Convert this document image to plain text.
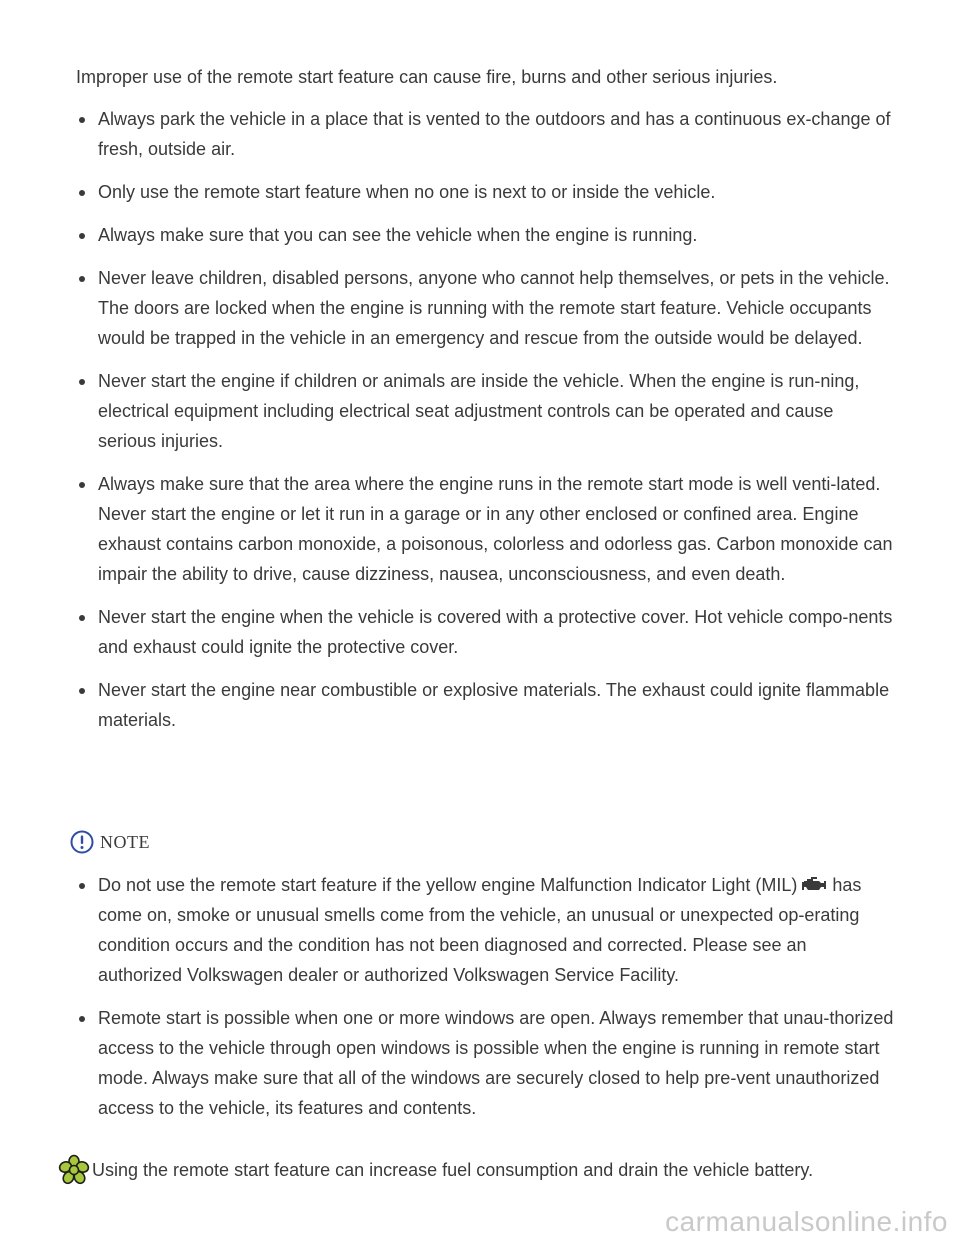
Improper use of the remote start feature can cause fire, burns and other serious injuries.

Always park the vehicle in a place that is vented to the outdoors and has a continuous ex-change of fresh, outside air.
Only use the remote start feature when no one is next to or inside the vehicle.
Always make sure that you can see the vehicle when the engine is running.
Never leave children, disabled persons, anyone who cannot help themselves, or pets in the vehicle. The doors are locked when the engine is running with the remote start feature. Vehicle occupants would be trapped in the vehicle in an emergency and rescue from the outside would be delayed.
Never start the engine if children or animals are inside the vehicle. When the engine is run-ning, electrical equipment including electrical seat adjustment controls can be operated and cause serious injuries.
Always make sure that the area where the engine runs in the remote start mode is well venti-lated. Never start the engine or let it run in a garage or in any other enclosed or confined area. Engine exhaust contains carbon monoxide, a poisonous, colorless and odorless gas. Carbon monoxide can impair the ability to drive, cause dizziness, nausea, unconsciousness, and even death.
Never start the engine when the vehicle is covered with a protective cover. Hot vehicle compo-nents and exhaust could ignite the protective cover.
Never start the engine near combustible or explosive materials. The exhaust could ignite flammable materials.
NOTE
Do not use the remote start feature if the yellow engine Malfunction Indicator Light (MIL) has come on, smoke or unusual smells come from the vehicle, an unusual or unexpected op-erating condition occurs and the condition has not been diagnosed and corrected. Please see an authorized Volkswagen dealer or authorized Volkswagen Service Facility.
Remote start is possible when one or more windows are open. Always remember that unau-thorized access to the vehicle through open windows is possible when the engine is running in remote start mode. Always make sure that all of the windows are securely closed to help pre-vent unauthorized access to the vehicle, its features and contents.
Using the remote start feature can increase fuel consumption and drain the vehicle battery.
carmanualsonline.info
